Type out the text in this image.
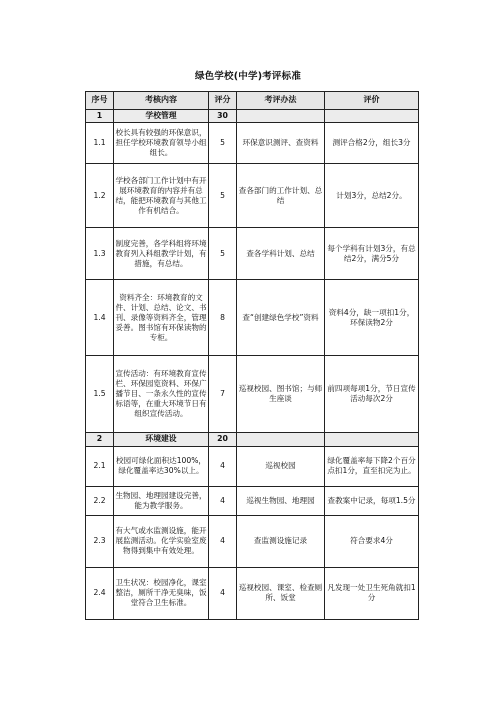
绿色学校(中学)考评标准
序号	考核内容	评分	考评办法	评价
1	学校管理	30		
1.1	校长具有较强的环保意识，担任学校环境教育领导小组组长。	5	环保意识测评、查资料	测评合格2分，组长3分
1.2	学校各部门工作计划中有开展环境教育的内容并有总结，能把环境教育与其他工作有机结合。	5	查各部门的工作计划、总结	计划3分，总结2分。
1.3	制度完善，各学科组将环境教育列入科组教学计划，有措施，有总结。	5	查各学科计划、总结	每个学科有计划3分，有总结2分，满分5分
1.4	资料齐全：环境教育的文件、计划、总结、论文、书刊、录像等资料齐全，管理妥善。图书馆有环保读物的专柜。	8	查“创建绿色学校”资料	资料4分，缺一项扣1分，环保读物2分
1.5	宣传活动：有环境教育宣传栏、环保园览资料、环保广播节目、一条永久性的宣传标语等，在重大环境节日有组织宣传活动。	7	巡视校园、图书馆；与师生座谈	前四项每项1分，节日宣传活动每次2分
2	环境建设	20		
2.1	校园可绿化面积达100%，绿化覆盖率达30%以上。	4	巡视校园	绿化覆盖率每下降2个百分点扣1分，直至扣完为止。
2.2	生物园、地理园建设完善，能为教学服务。	4	巡视生物园、地理园	查教案中记录，每项1.5分
2.3	有大气或水监测设施，能开展监测活动。化学实验室废物得到集中有效处理。	4	查监测设施记录	符合要求4分
2.4	卫生状况：校园净化，课室整洁，厕所干净无臭味，饭堂符合卫生标准。	4	巡视校园、课室、检查厕所、饭堂	凡发现一处卫生死角就扣1分
